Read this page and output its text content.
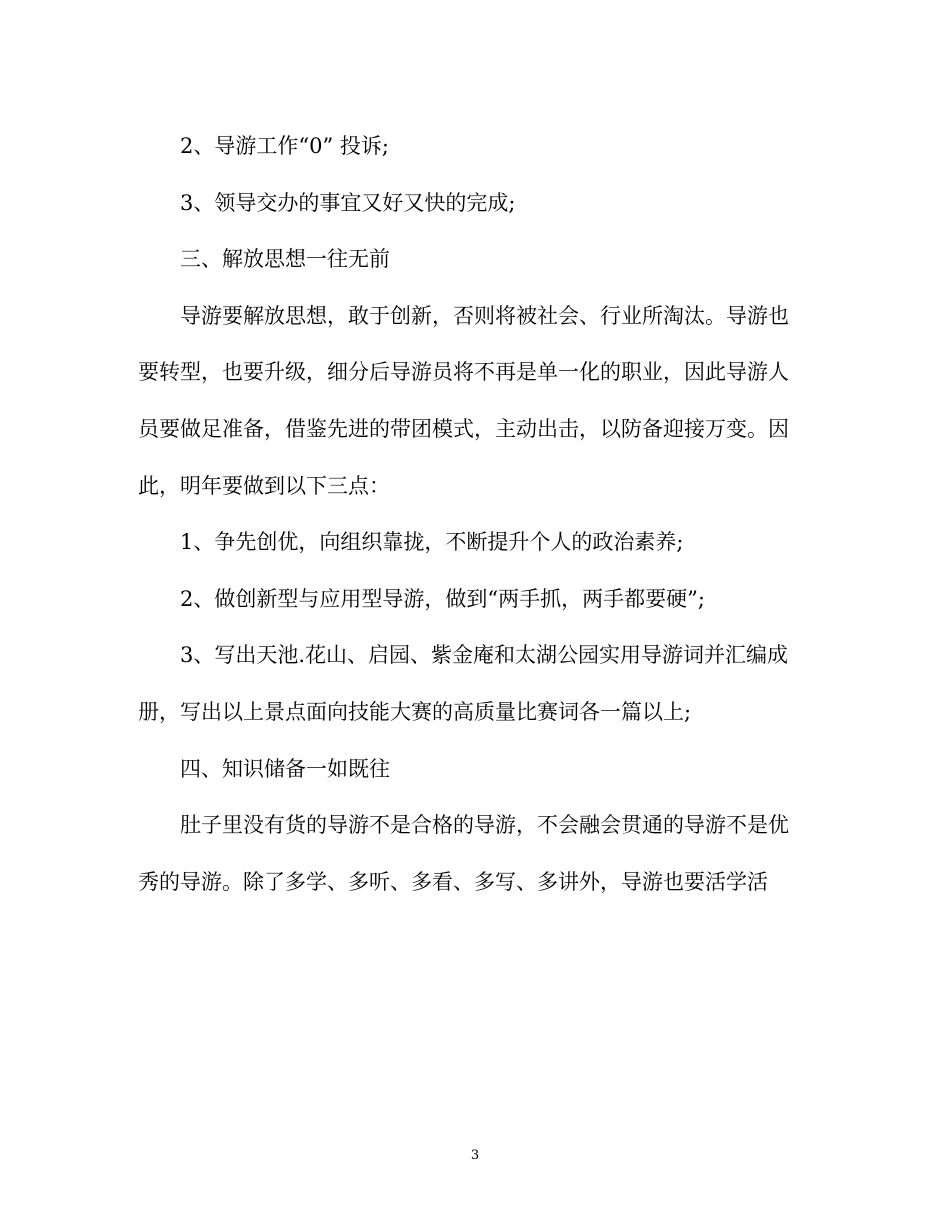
2、导游工作“0” 投诉;
3、领导交办的事宜又好又快的完成;
三、解放思想一往无前
导游要解放思想，敢于创新，否则将被社会、行业所淘汰。导游也
要转型，也要升级，细分后导游员将不再是单一化的职业，因此导游人
员要做足准备，借鉴先进的带团模式，主动出击，以防备迎接万变。因
此，明年要做到以下三点：
1、争先创优，向组织靠拢，不断提升个人的政治素养;
2、做创新型与应用型导游，做到“两手抓，两手都要硬”;
3、写出天池.花山、启园、紫金庵和太湖公园实用导游词并汇编成
册，写出以上景点面向技能大赛的高质量比赛词各一篇以上;
四、知识储备一如既往
肚子里没有货的导游不是合格的导游，不会融会贯通的导游不是优
秀的导游。除了多学、多听、多看、多写、多讲外，导游也要活学活
3
